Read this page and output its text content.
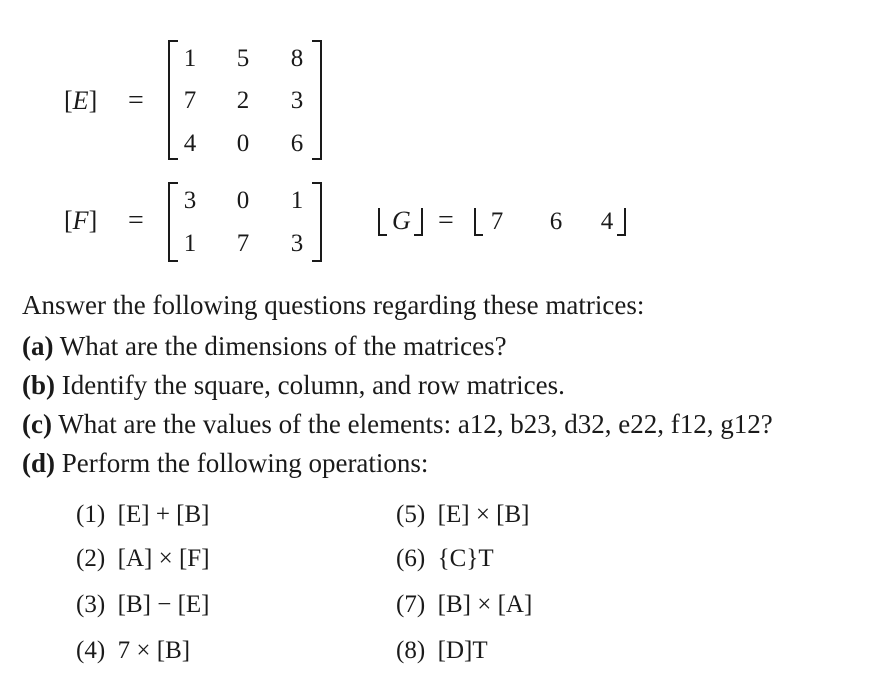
[E] =
1 5 8
7 2 3
4 0 6
[F] =
3 0 1
1 7 3
G = 7 6 4
Answer the following questions regarding these matrices:
(a) What are the dimensions of the matrices?
(b) Identify the square, column, and row matrices.
(c) What are the values of the elements: a12, b23, d32, e22, f12, g12?
(d) Perform the following operations:
(1) [E] + [B]
(2) [A] × [F]
(3) [B] − [E]
(4) 7 × [B]
(5) [E] × [B]
(6) {C}T
(7) [B] × [A]
(8) [D]T
